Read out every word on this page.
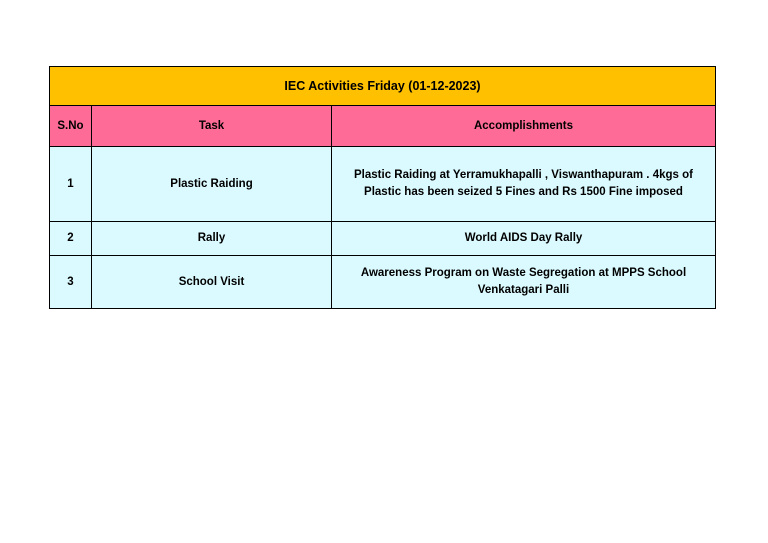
IEC Activities Friday (01-12-2023)		
S.No	Task	Accomplishments
1	Plastic Raiding	Plastic Raiding at Yerramukhapalli , Viswanthapuram . 4kgs of Plastic has been seized 5 Fines and Rs 1500 Fine imposed
2	Rally	World AIDS Day Rally
3	School Visit	Awareness Program on Waste Segregation at MPPS School Venkatagari Palli
